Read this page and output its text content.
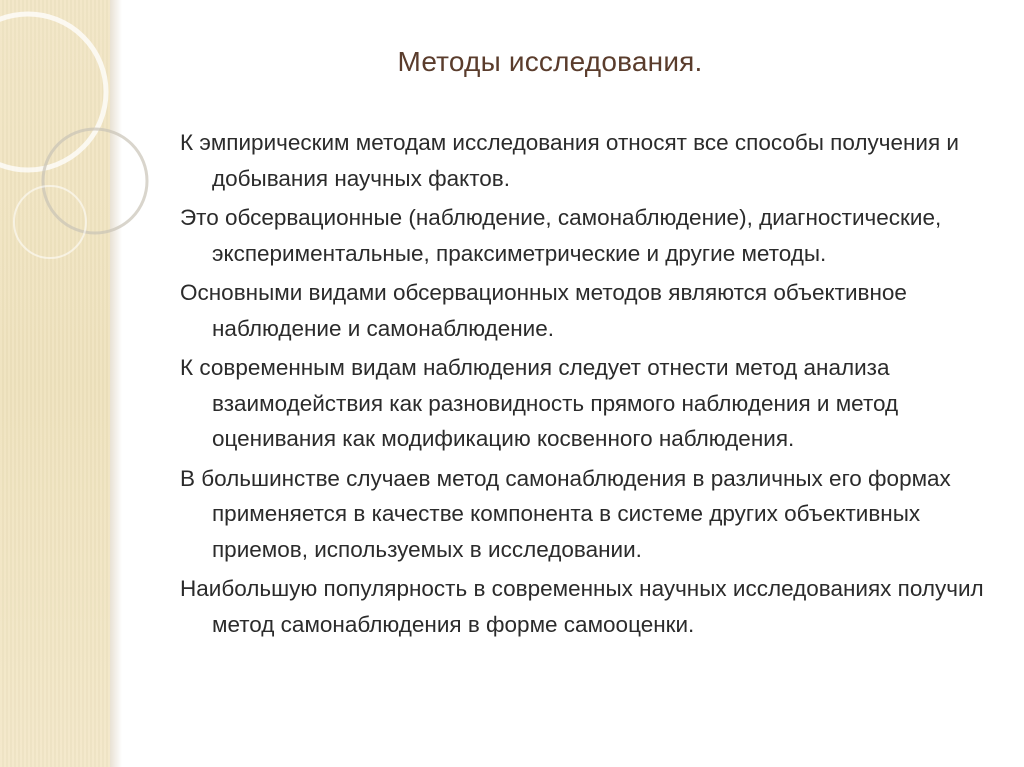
Методы исследования.

К эмпирическим методам исследования относят все способы получения и добывания научных фактов.

Это обсервационные (наблюдение, самонаблюдение), диагностические, экспериментальные, праксиметрические и другие методы.

Основными видами обсервационных методов являются объективное наблюдение и самонаблюдение.

К современным видам наблюдения следует отнести метод анализа взаимодействия как разновидность прямого наблюдения и метод оценивания как модификацию косвенного наблюдения.

В большинстве случаев метод самонаблюдения в различных его формах применяется в качестве компонента в системе других объективных приемов, используемых в исследовании.

Наибольшую популярность в современных научных исследованиях получил метод самонаблюдения в форме самооценки.
